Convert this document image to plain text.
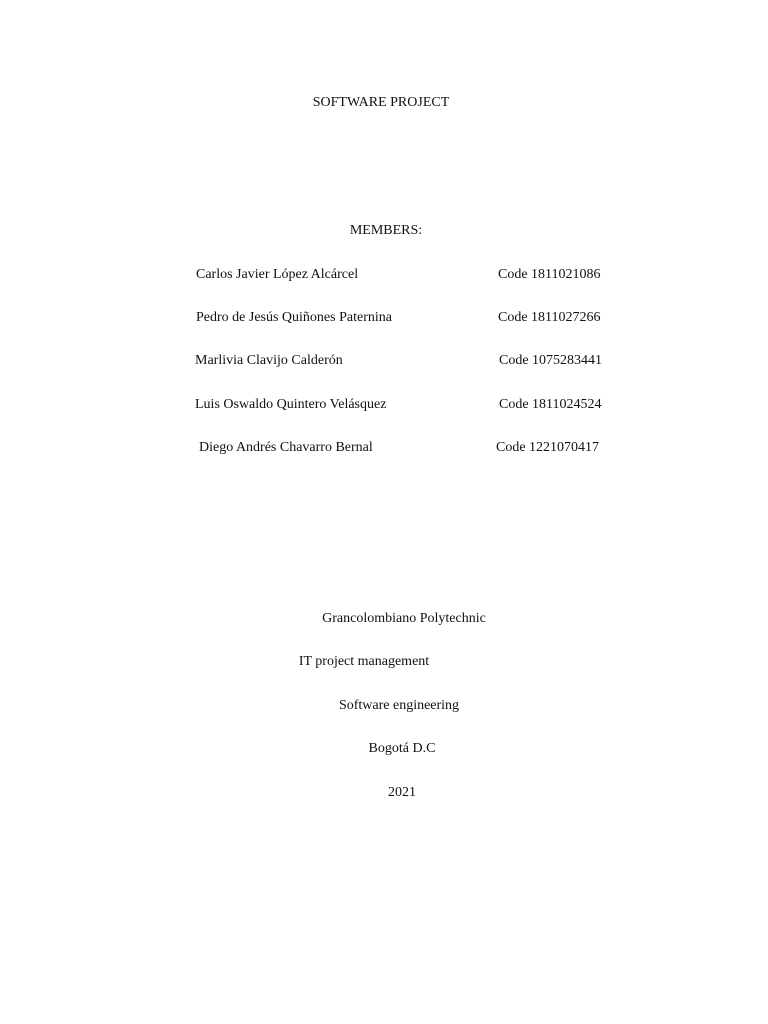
SOFTWARE PROJECT
MEMBERS:
Carlos Javier López Alcárcel	Code 1811021086
Pedro de Jesús Quiñones Paternina	Code 1811027266
Marlivia Clavijo Calderón	Code 1075283441
Luis Oswaldo Quintero Velásquez	Code 1811024524
Diego Andrés Chavarro Bernal	Code 1221070417
Grancolombiano Polytechnic
IT project management
Software engineering
Bogotá D.C
2021
